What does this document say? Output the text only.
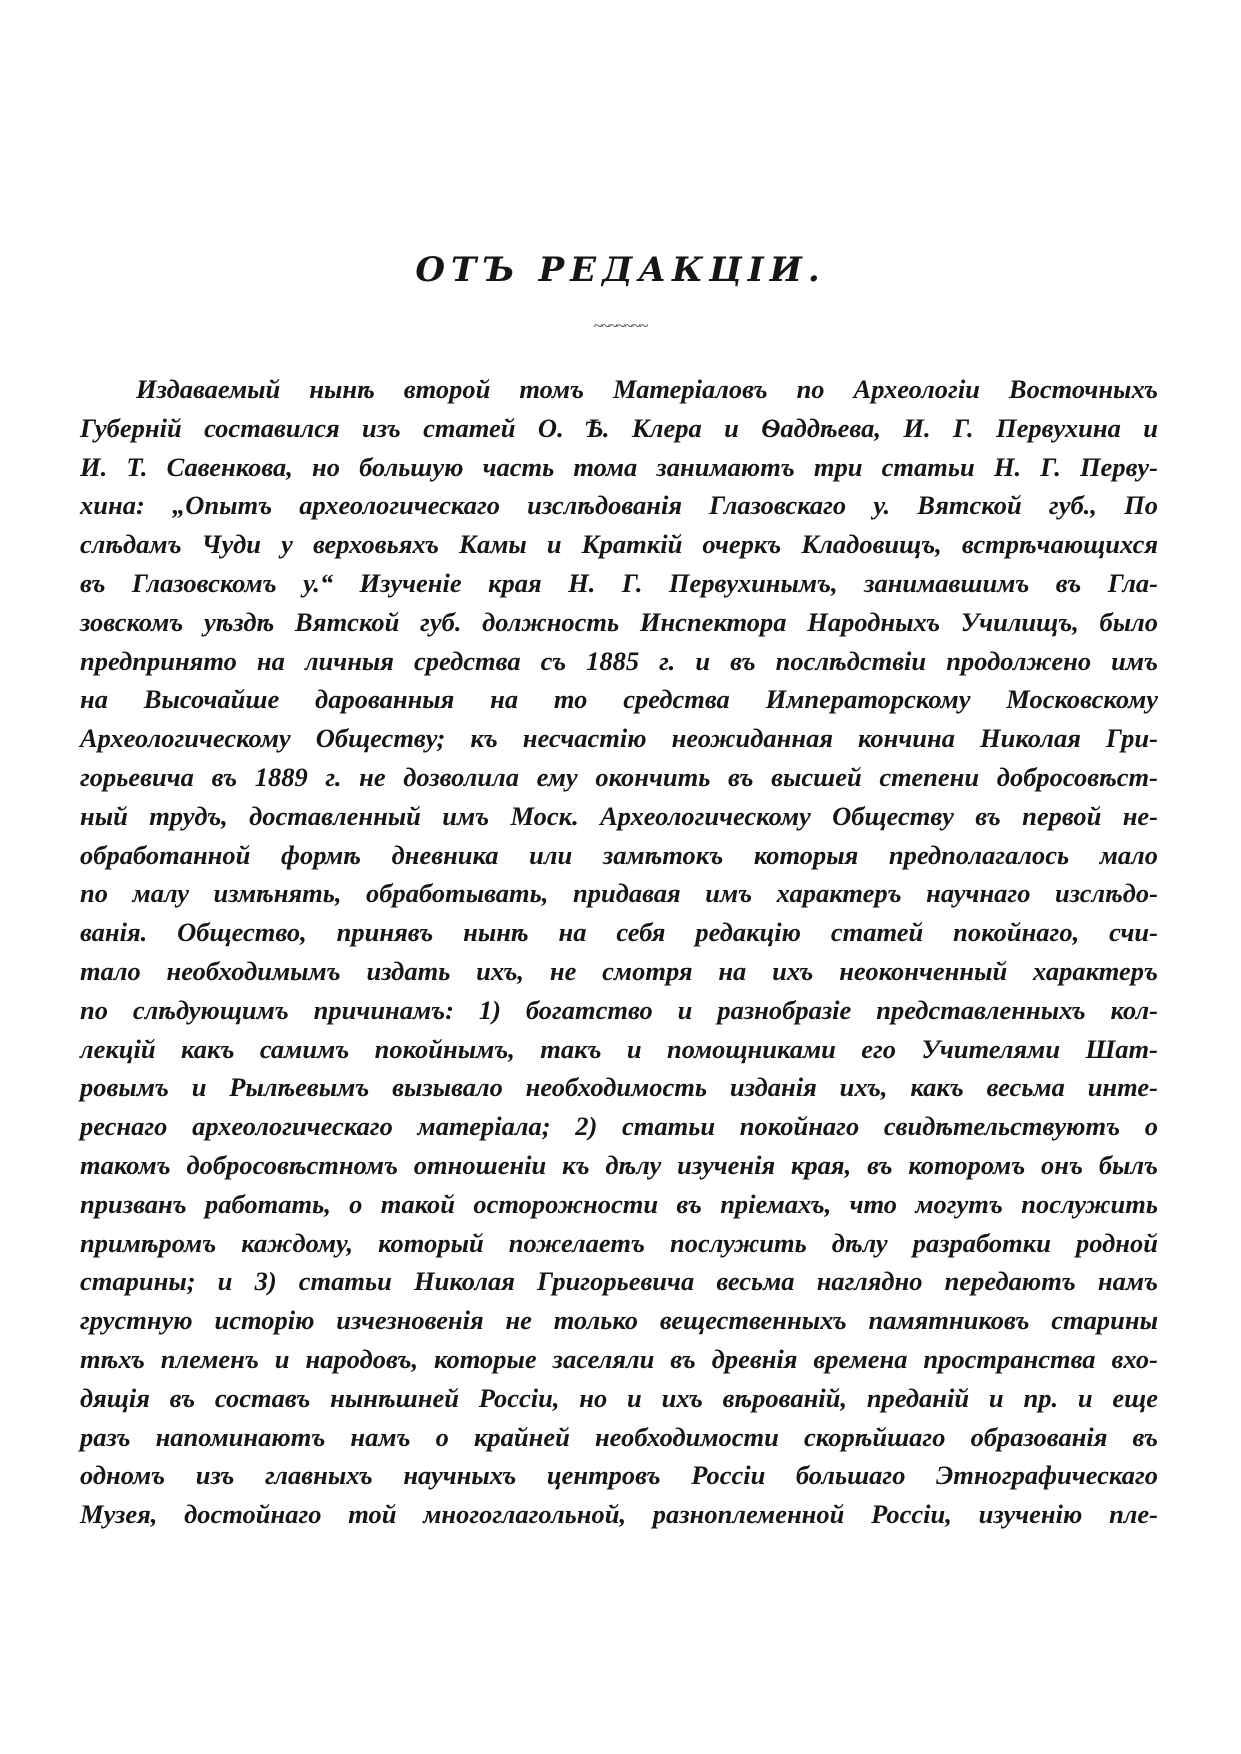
ОТЪ РЕДАКЦІИ.
~~~~~~~
Издаваемый нынѣ второй томъ Матеріаловъ по Археологіи Восточныхъ
Губерній составился изъ статей О. Ѣ. Клера и Ѳаддѣева, И. Г. Первухина и
И. Т. Савенкова, но большую часть тома занимаютъ три статьи Н. Г. Перву-
хина: „Опытъ археологическаго изслѣдованія Глазовскаго у. Вятской губ., По
слѣдамъ Чуди у верховьяхъ Камы и Краткій очеркъ Кладовищъ, встрѣчающихся
въ Глазовскомъ у.“ Изученіе края Н. Г. Первухинымъ, занимавшимъ въ Гла-
зовскомъ уѣздѣ Вятской губ. должность Инспектора Народныхъ Училищъ, было
предпринято на личныя средства съ 1885 г. и въ послѣдствіи продолжено имъ
на Высочайше дарованныя на то средства Императорскому Московскому
Археологическому Обществу; къ несчастію неожиданная кончина Николая Гри-
горьевича въ 1889 г. не дозволила ему окончить въ высшей степени добросовѣст-
ный трудъ, доставленный имъ Моск. Археологическому Обществу въ первой не-
обработанной формѣ дневника или замѣтокъ которыя предполагалось мало
по малу измѣнять, обработывать, придавая имъ характеръ научнаго изслѣдо-
ванія. Общество, принявъ нынѣ на себя редакцію статей покойнаго, счи-
тало необходимымъ издать ихъ, не смотря на ихъ неоконченный характеръ
по слѣдующимъ причинамъ: 1) богатство и разнобразіе представленныхъ кол-
лекцій какъ самимъ покойнымъ, такъ и помощниками его Учителями Шат-
ровымъ и Рылѣевымъ вызывало необходимость изданія ихъ, какъ весьма инте-
реснаго археологическаго матеріала; 2) статьи покойнаго свидѣтельствуютъ о
такомъ добросовѣстномъ отношеніи къ дѣлу изученія края, въ которомъ онъ былъ
призванъ работать, о такой осторожности въ пріемахъ, что могутъ послужить
примѣромъ каждому, который пожелаетъ послужить дѣлу разработки родной
старины; и 3) статьи Николая Григорьевича весьма наглядно передаютъ намъ
грустную исторію изчезновенія не только вещественныхъ памятниковъ старины
тѣхъ племенъ и народовъ, которые заселяли въ древнія времена пространства вхо-
дящія въ составъ нынѣшней Россіи, но и ихъ вѣрованій, преданій и пр. и еще
разъ напоминаютъ намъ о крайней необходимости скорѣйшаго образованія въ
одномъ изъ главныхъ научныхъ центровъ Россіи большаго Этнографическаго
Музея, достойнаго той многоглагольной, разноплеменной Россіи, изученію пле-
